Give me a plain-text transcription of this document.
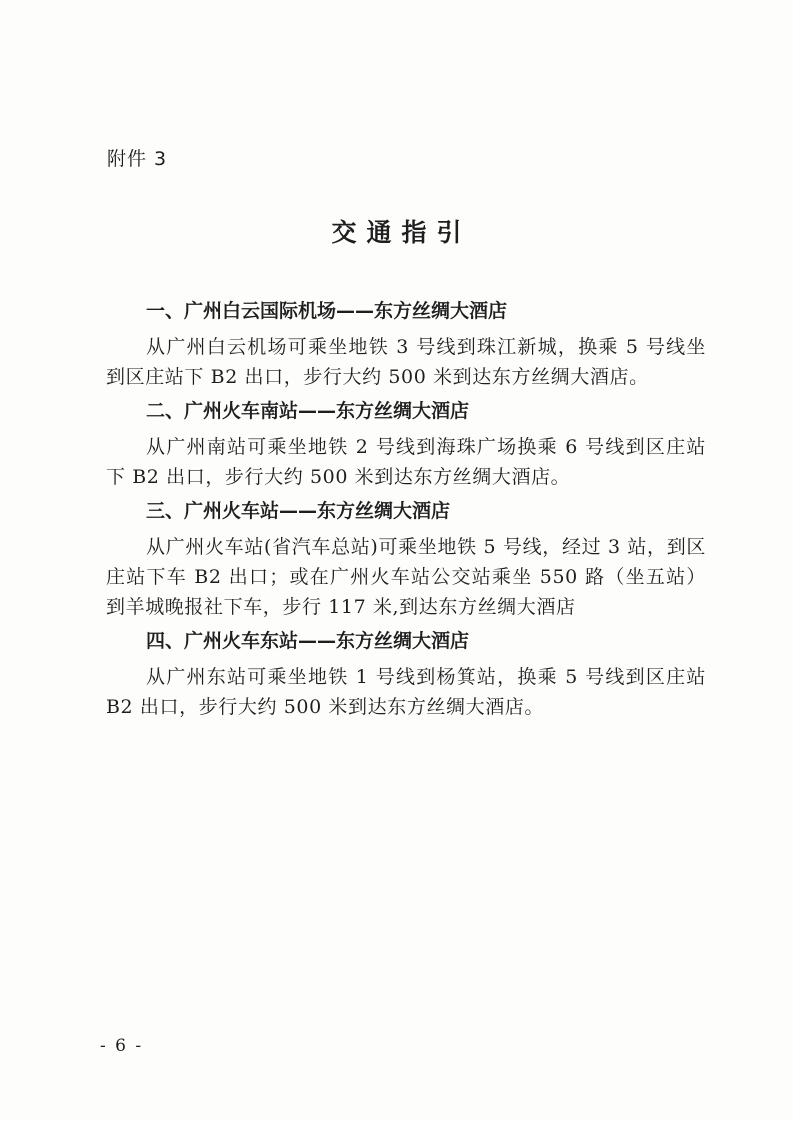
附件 3
交通指引
一、广州白云国际机场——东方丝绸大酒店
从广州白云机场可乘坐地铁 3 号线到珠江新城，换乘 5 号线坐到区庄站下 B2 出口，步行大约 500 米到达东方丝绸大酒店。
二、广州火车南站——东方丝绸大酒店
从广州南站可乘坐地铁 2 号线到海珠广场换乘 6 号线到区庄站下 B2 出口，步行大约 500 米到达东方丝绸大酒店。
三、广州火车站——东方丝绸大酒店
从广州火车站(省汽车总站)可乘坐地铁 5 号线，经过 3 站，到区庄站下车 B2 出口；或在广州火车站公交站乘坐 550 路（坐五站）到羊城晚报社下车，步行 117 米,到达东方丝绸大酒店
四、广州火车东站——东方丝绸大酒店
从广州东站可乘坐地铁 1 号线到杨箕站，换乘 5 号线到区庄站 B2 出口，步行大约 500 米到达东方丝绸大酒店。
- 6 -
